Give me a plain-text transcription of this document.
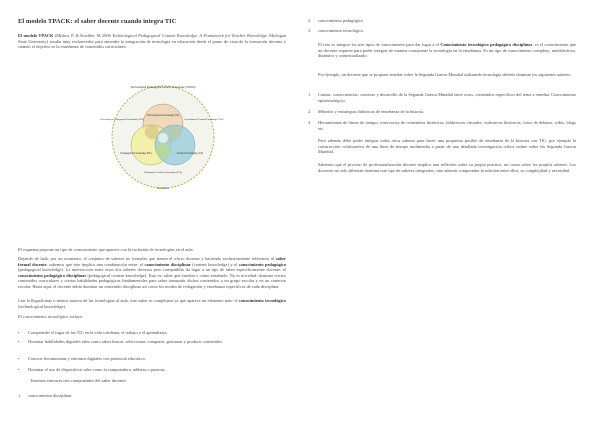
El modelo TPACK: el saber docente cuando integra TIC
El modelo TPACK (Mishra, P. & Koehler, M 2006 Technological Pedagogical Content Knowledge: A Framework for Teacher Knowledge, Michigan State University) resulta muy esclarecedor para entender la integración de tecnología en educación desde el punto de vista de la formación docente y cuando el objetivo es la enseñanza de contenidos curriculares.
Technological Pedagogical Content Knowledge (TPACK)
Technological Knowledge (TK)
Pedagogical Knowledge (PK)	Content Knowledge (CK)
Technological Pedagogical Knowledge (TPK)	Technological Content Knowledge (TCK)
Pedagogical Content Knowledge (PCK)
Contexts
El esquema propone un tipo de conocimiento que aparece con la inclusión de tecnologías en el aula.
Dejando de lado, por un momento, el conjunto de saberes no formales que tienen el oficio docente y haciendo exclusivamente referencia al saber formal docente, sabemos que éste implica una combinación entre: el conocimiento disciplinar (content knowledge) y el conocimiento pedagógico (pedagogical knowledge). La intersección entre estos dos saberes diversos pero compatibles da lugar a un tipo de saber específicamente docente: el conocimiento pedagógico disciplinar (pedagogical content knowledge). Esto es: saber qué enseñar y cómo enseñarlo. No es novedad: dominar ciertos contenidos curriculares y ciertas habilidades pedagógicas fundamentales para saber transmitir dichos contenidos o un grupo escolar y en un contexto escolar. Hasta aquí, el docente debía dominar un contenido disciplinar así como los modos de redagación y enseñanza específicos de cada disciplina.
Con la llegada más o menos masiva de las tecnologías al aula, este saber se complejiza ya que aparece un elemento más: el conocimiento tecnológico (technological knowledge).
El conocimiento tecnológico incluye:
• Comprender el lugar de las TIC en la vida cotidiana, el trabajo y el aprendizaje.
• Dominar habilidades digitales tales como saber buscar, seleccionar, compartir, gestionar y producir contenidos.
• Conocer herramientas y entornos digitales con potencial educativo.
• Dominar el uso de dispositivos tales como la computadora, tabletas o pizarras.
Tenemos entonces tres componentes del saber docente:
1. conocimiento disciplinar
2. conocimiento pedagógico
3. conocimiento tecnológico
El reto es integrar los tres tipos de conocimiento para dar lugar a el Conocimiento tecnológico pedagógico disciplinar, es el conocimiento que un docente requiere para poder integrar de manera consistente la tecnología en la enseñanza. Es un tipo de conocimiento complejo, multifacético, dinámico y contextualizado.
Por ejemplo, un docente que se propone enseñar sobre la Segunda Guerra Mundial utilizando tecnología debería dominar los siguientes saberes:
1. Causas, consecuencias, contexto y desarrollo de la Segunda Guerra Mundial entre otros, contenidos específicos del tema a enseñar. Conocimiento epistemológico.
2. Métodos y estrategias didácticas de enseñanza de la historia.
3. Herramientas de líneas de tiempo, reservorios de contenidos históricos, bibliotecas virtuales, videotecas históricas, foros de debates, wikis, blogs etc.
Pero además debe poder integrar todos estos saberes para hacer una propuesta posible de enseñanza de la historia con TIC: por ejemplo la construcción colaborativa de una línea de tiempo multimedia a partir de una detallada investigación crítica online sobre las Segunda Guerra Mundial.
Sabemos que el proceso de profesionalización docente implica una reflexión sobre su propia práctica, así como sobre los propios saberes. Los docentes no sólo deberían dominar este tipo de saberes integrados, sino además comprender la relación entre ellos, su complejidad y necesidad.
